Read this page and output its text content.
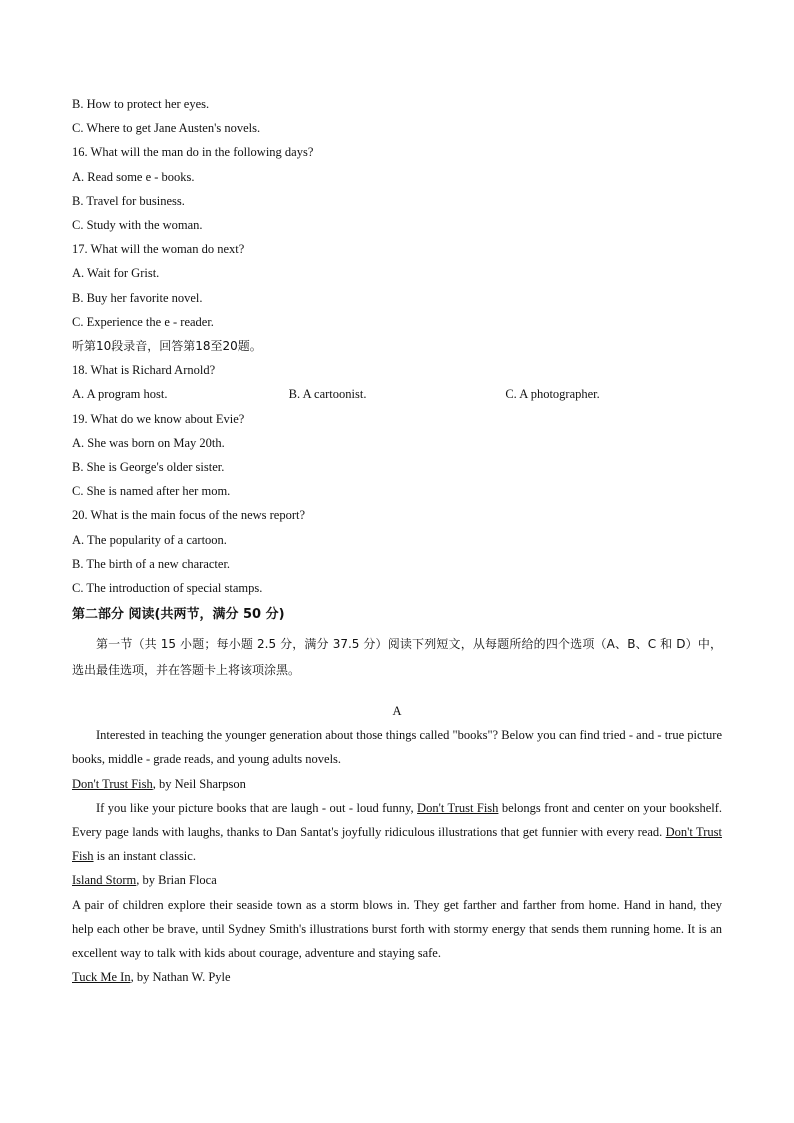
B. How to protect her eyes.

C. Where to get Jane Austen's novels.

16. What will the man do in the following days?

A. Read some e - books.

B. Travel for business.

C. Study with the woman.

17. What will the woman do next?

A. Wait for Grist.

B. Buy her favorite novel.

C. Experience the e - reader.

听第10段录音，回答第18至20题。

18. What is Richard Arnold?

A. A program host.	B. A cartoonist.	C. A photographer.

19. What do we know about Evie?

A. She was born on May 20th.

B. She is George's older sister.

C. She is named after her mom.

20. What is the main focus of the news report?

A. The popularity of a cartoon.

B. The birth of a new character.

C. The introduction of special stamps.

第二部分 阅读(共两节，满分 50 分)

第一节（共 15 小题；每小题 2.5 分，满分 37.5 分）阅读下列短文，从每题所给的四个选项（A、B、C 和 D）中，选出最佳选项，并在答题卡上将该项涂黑。

A

Interested in teaching the younger generation about those things called "books"? Below you can find tried - and - true picture books, middle - grade reads, and young adults novels.

Don't Trust Fish, by Neil Sharpson

If you like your picture books that are laugh - out - loud funny, Don't Trust Fish belongs front and center on your bookshelf. Every page lands with laughs, thanks to Dan Santat's joyfully ridiculous illustrations that get funnier with every read. Don't Trust Fish is an instant classic.

Island Storm, by Brian Floca

A pair of children explore their seaside town as a storm blows in. They get farther and farther from home. Hand in hand, they help each other be brave, until Sydney Smith's illustrations burst forth with stormy energy that sends them running home. It is an excellent way to talk with kids about courage, adventure and staying safe.

Tuck Me In, by Nathan W. Pyle
